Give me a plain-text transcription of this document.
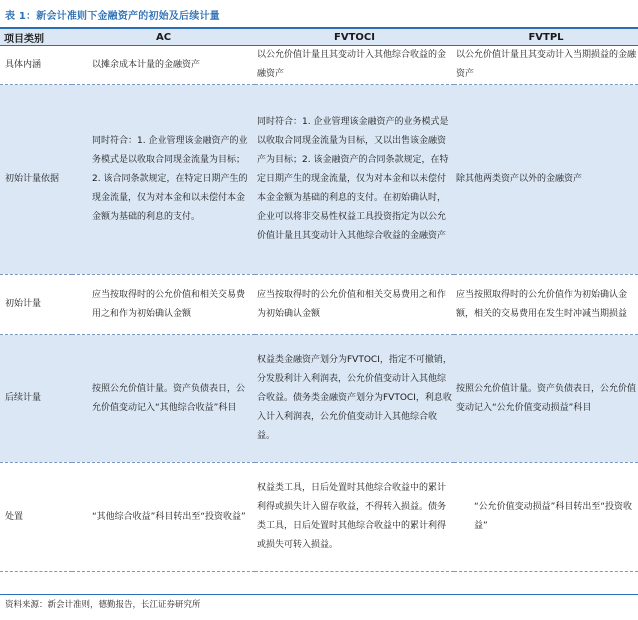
表 1：新会计准则下金融资产的初始及后续计量
项目类别	AC	FVTOCI	FVTPL
具体内涵	以摊余成本计量的金融资产	以公允价值计量且其变动计入其他综合收益的金融资产	以公允价值计量且其变动计入当期损益的金融资产
初始计量依据	同时符合：1. 企业管理该金融资产的业务模式是以收取合同现金流量为目标；2. 该合同条款规定，在特定日期产生的现金流量，仅为对本金和以未偿付本金金额为基础的利息的支付。	同时符合：1. 企业管理该金融资产的业务模式是以收取合同现金流量为目标，又以出售该金融资产为目标；2. 该金融资产的合同条款规定，在特定日期产生的现金流量，仅为对本金和以未偿付本金金额为基础的利息的支付。在初始确认时，企业可以将非交易性权益工具投资指定为以公允价值计量且其变动计入其他综合收益的金融资产	除其他两类资产以外的金融资产
初始计量	应当按取得时的公允价值和相关交易费用之和作为初始确认金额	应当按取得时的公允价值和相关交易费用之和作为初始确认金额	应当按照取得时的公允价值作为初始确认金额，相关的交易费用在发生时冲减当期损益
后续计量	按照公允价值计量。资产负债表日，公允价值变动记入“其他综合收益”科目	权益类金融资产划分为FVTOCI，指定不可撤销，分发股利计入利润表，公允价值变动计入其他综合收益。债务类金融资产划分为FVTOCI，利息收入计入利润表，公允价值变动计入其他综合收益。	按照公允价值计量。资产负债表日，公允价值变动记入“公允价值变动损益”科目
处置	“其他综合收益”科目转出至“投资收益”	权益类工具，日后处置时其他综合收益中的累计利得或损失计入留存收益，不得转入损益。债务类工具，日后处置时其他综合收益中的累计利得或损失可转入损益。	“公允价值变动损益”科目转出至“投资收益”
资料来源：新会计准则，德勤报告，长江证券研究所
